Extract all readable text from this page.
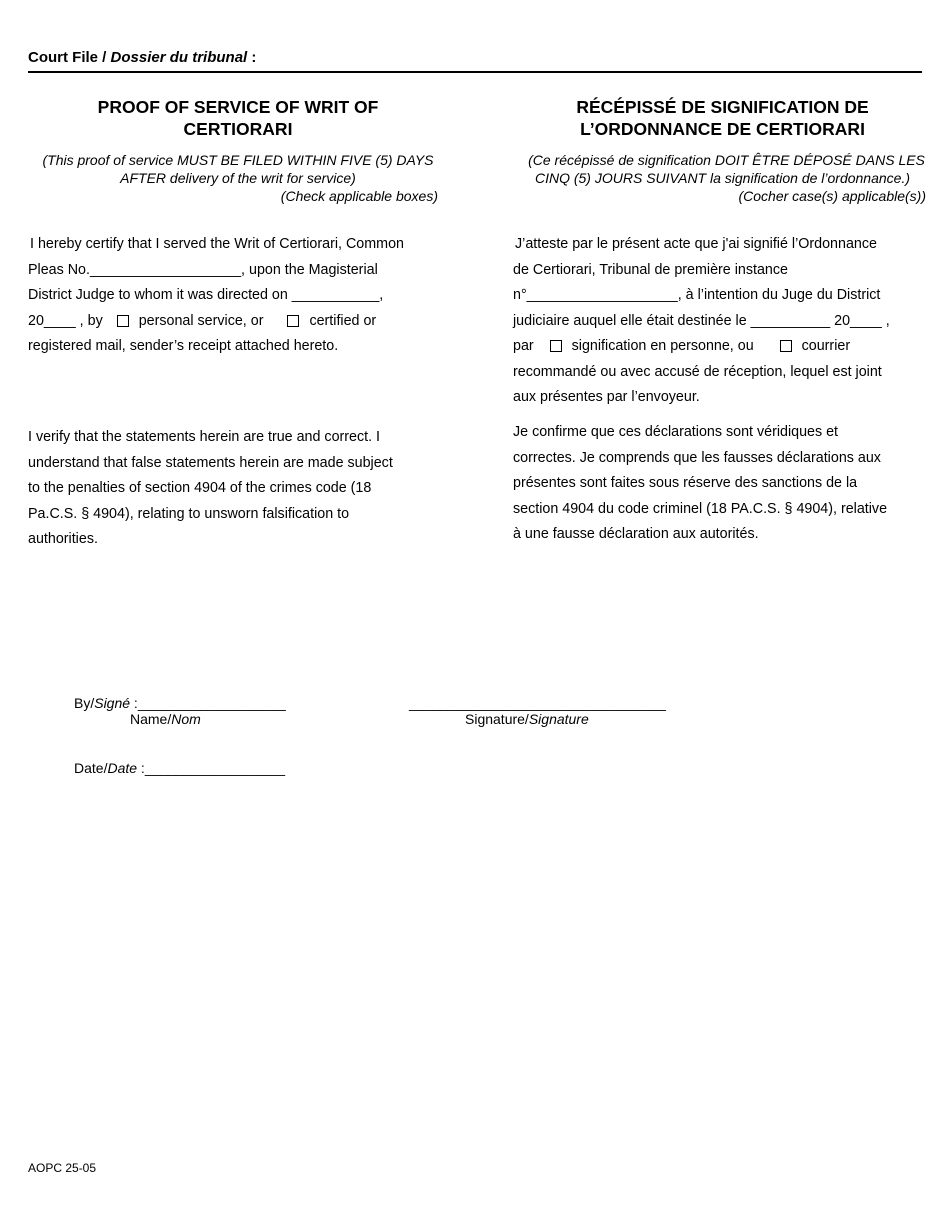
Court File / Dossier du tribunal :
PROOF OF SERVICE OF WRIT OF
CERTIORARI
(This proof of service MUST BE FILED WITHIN FIVE (5) DAYS
AFTER delivery of the writ for service)
(Check applicable boxes)
I hereby certify that I served the Writ of Certiorari, Common
Pleas No.___________________, upon the Magisterial
District Judge to whom it was directed on ___________,
20____ , by	personal service, or	certified or
registered mail, sender’s receipt attached hereto.
I verify that the statements herein are true and correct. I
understand that false statements herein are made subject
to the penalties of section 4904 of the crimes code (18
Pa.C.S. § 4904), relating to unsworn falsification to
authorities.
RÉCÉPISSÉ DE SIGNIFICATION DE
L’ORDONNANCE DE CERTIORARI
(Ce récépissé de signification DOIT ÊTRE DÉPOSÉ DANS LES
CINQ (5) JOURS SUIVANT la signification de l’ordonnance.)
(Cocher case(s) applicable(s))
J’atteste par le présent acte que j'ai signifié l’Ordonnance
de Certiorari, Tribunal de première instance
n°___________________, à l’intention du Juge du District
judiciaire auquel elle était destinée le __________ 20____ ,
par	signification en personne, ou	courrier
recommandé ou avec accusé de réception, lequel est joint
aux présentes par l’envoyeur.
Je confirme que ces déclarations sont véridiques et
correctes. Je comprends que les fausses déclarations aux
présentes sont faites sous réserve des sanctions de la
section 4904 du code criminel (18 PA.C.S. § 4904), relative
à une fausse déclaration aux autorités.
By/Signé :___________________
Name/Nom
_________________________________
Signature/Signature
Date/Date :__________________
AOPC 25-05
